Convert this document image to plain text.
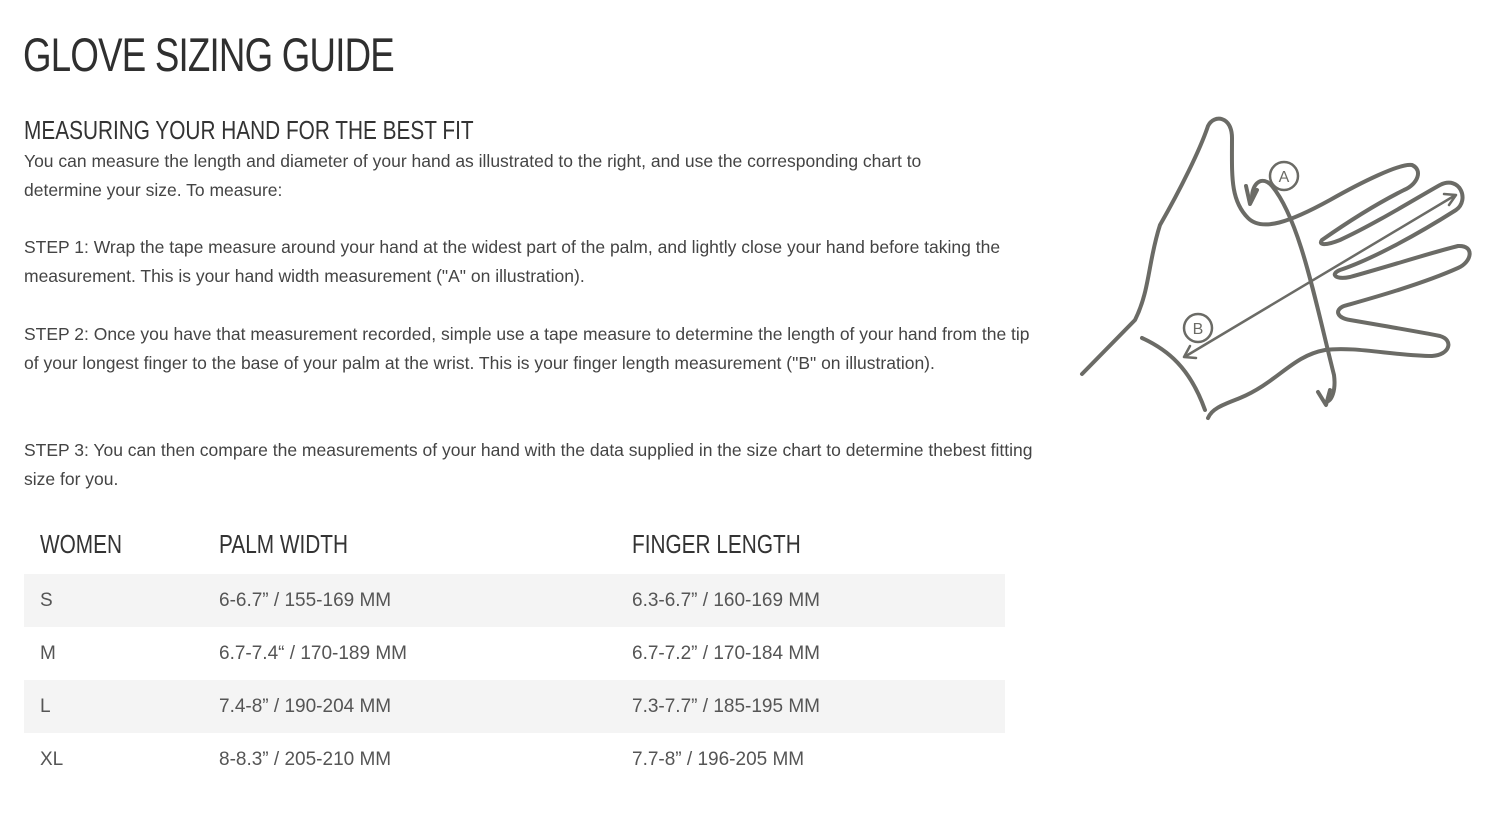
GLOVE SIZING GUIDE
MEASURING YOUR HAND FOR THE BEST FIT

You can measure the length and diameter of your hand as illustrated to the right, and use the corresponding chart to determine your size. To measure:

STEP 1: Wrap the tape measure around your hand at the widest part of the palm, and lightly close your hand before taking the measurement. This is your hand width measurement ("A" on illustration).

STEP 2: Once you have that measurement recorded, simple use a tape measure to determine the length of your hand from the tip of your longest finger to the base of your palm at the wrist. This is your finger length measurement ("B" on illustration).

STEP 3: You can then compare the measurements of your hand with the data supplied in the size chart to determine thebest fitting size for you.

WOMEN	PALM WIDTH	FINGER LENGTH
S	6-6.7” / 155-169 MM	6.3-6.7” / 160-169 MM
M	6.7-7.4“ / 170-189 MM	6.7-7.2” / 170-184 MM
L	7.4-8” / 190-204 MM	7.3-7.7” / 185-195 MM
XL	8-8.3” / 205-210 MM	7.7-8” / 196-205 MM
A
B
